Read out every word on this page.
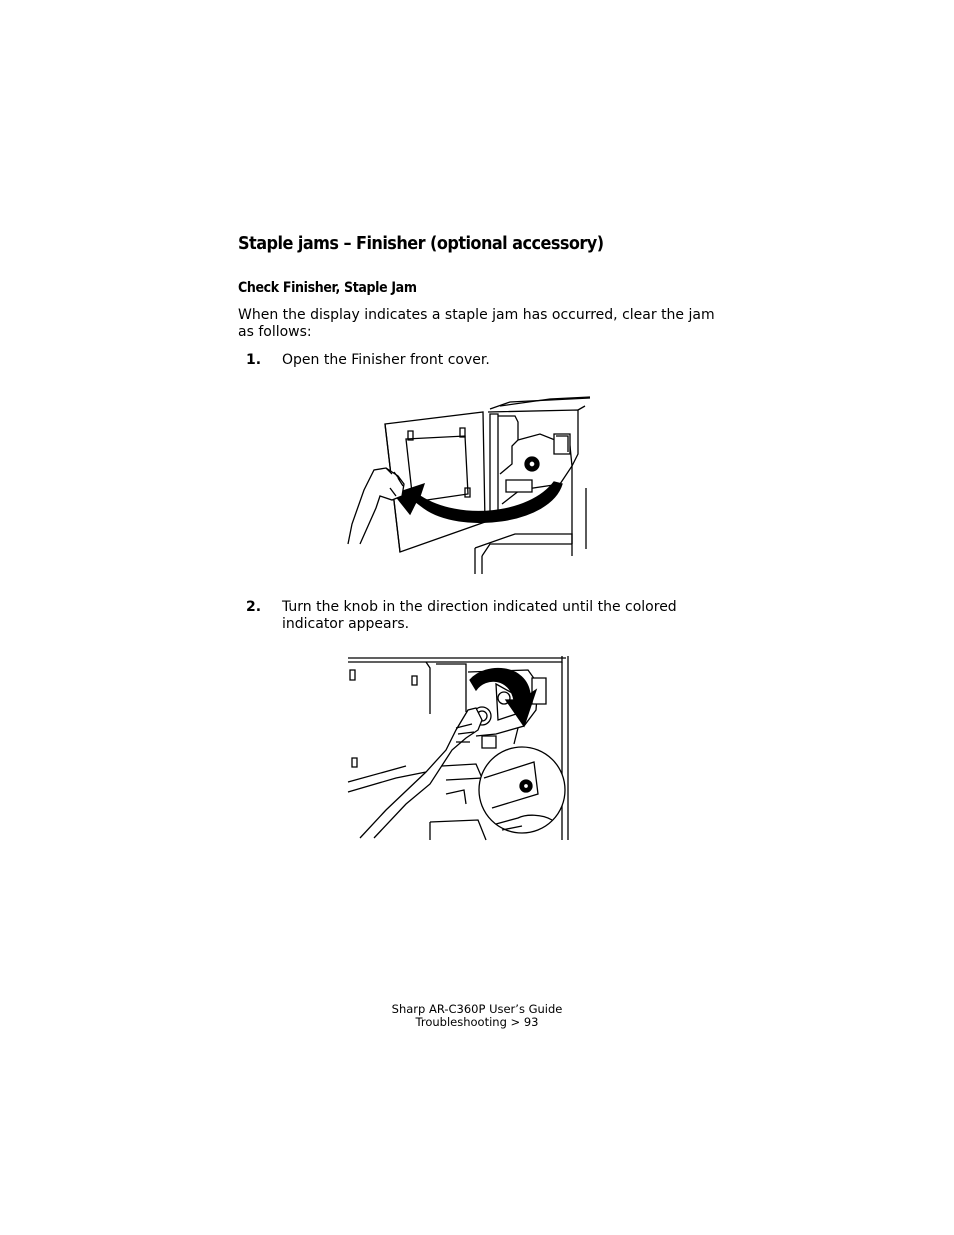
Staple jams – Finisher (optional accessory)
Check Finisher, Staple Jam
When the display indicates a staple jam has occurred, clear the jam as follows:
1. Open the Finisher front cover.
2. Turn the knob in the direction indicated until the colored indicator appears.
Sharp AR-C360P User’s Guide
Troubleshooting > 93
